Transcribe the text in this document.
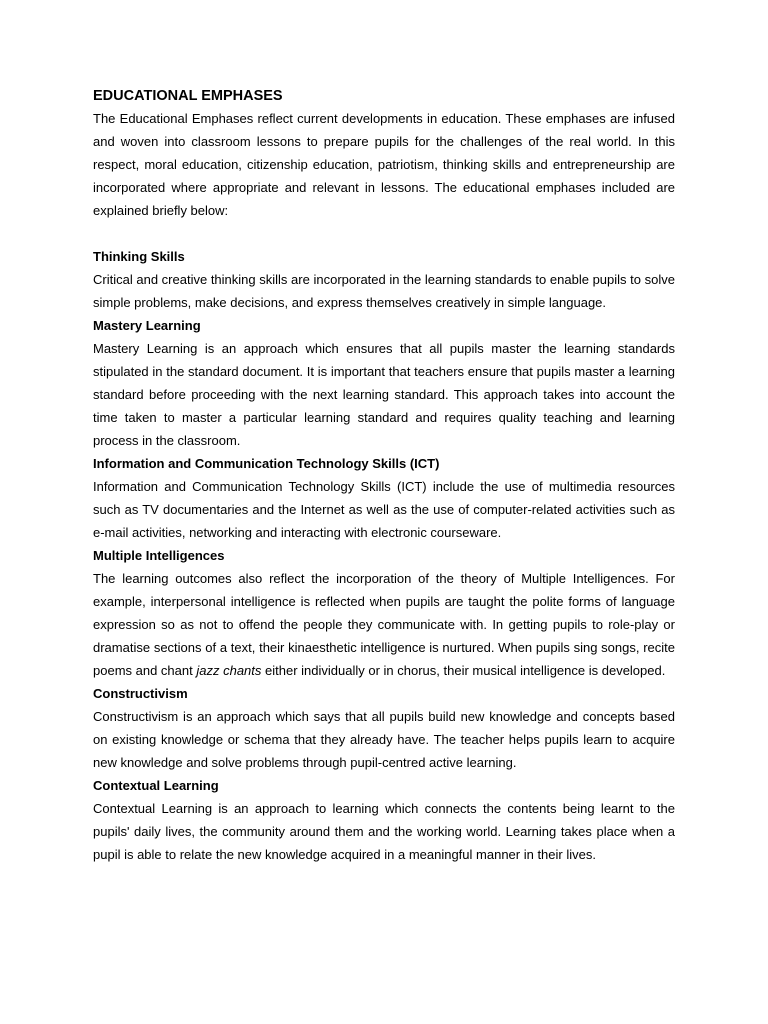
EDUCATIONAL EMPHASES

The Educational Emphases reflect current developments in education. These emphases are infused and woven into classroom lessons to prepare pupils for the challenges of the real world. In this respect, moral education, citizenship education, patriotism, thinking skills and entrepreneurship are incorporated where appropriate and relevant in lessons. The educational emphases included are explained briefly below:

Thinking Skills

Critical and creative thinking skills are incorporated in the learning standards to enable pupils to solve simple problems, make decisions, and express themselves creatively in simple language.

Mastery Learning

Mastery Learning is an approach which ensures that all pupils master the learning standards stipulated in the standard document. It is important that teachers ensure that pupils master a learning standard before proceeding with the next learning standard. This approach takes into account the time taken to master a particular learning standard and requires quality teaching and learning process in the classroom.

Information and Communication Technology Skills (ICT)

Information and Communication Technology Skills (ICT) include the use of multimedia resources such as TV documentaries and the Internet as well as the use of computer-related activities such as e-mail activities, networking and interacting with electronic courseware.

Multiple Intelligences

The learning outcomes also reflect the incorporation of the theory of Multiple Intelligences. For example, interpersonal intelligence is reflected when pupils are taught the polite forms of language expression so as not to offend the people they communicate with. In getting pupils to role-play or dramatise sections of a text, their kinaesthetic intelligence is nurtured. When pupils sing songs, recite poems and chant jazz chants either individually or in chorus, their musical intelligence is developed.

Constructivism

Constructivism is an approach which says that all pupils build new knowledge and concepts based on existing knowledge or schema that they already have. The teacher helps pupils learn to acquire new knowledge and solve problems through pupil-centred active learning.

Contextual Learning

Contextual Learning is an approach to learning which connects the contents being learnt to the pupils' daily lives, the community around them and the working world. Learning takes place when a pupil is able to relate the new knowledge acquired in a meaningful manner in their lives.
